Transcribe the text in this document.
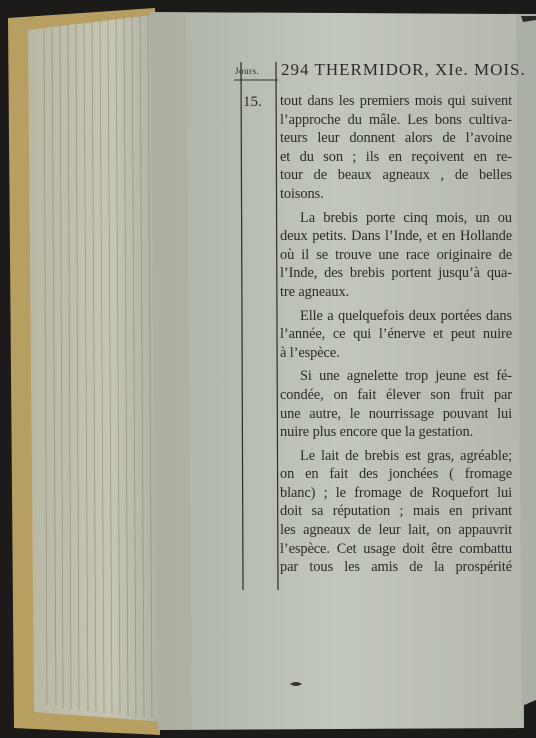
Jours. 294 THERMIDOR, XIe. MOIS.
15. tout dans les premiers mois qui suivent
l’approche du mâle. Les bons cultiva-
teurs leur donnent alors de l’avoine
et du son ; ils en reçoivent en re-
tour de beaux agneaux , de belles
toisons.
La brebis porte cinq mois, un ou
deux petits. Dans l’Inde, et en Hollande
où il se trouve une race originaire de
l’Inde, des brebis portent jusqu’à qua-
tre agneaux.
Elle a quelquefois deux portées dans
l’année, ce qui l’énerve et peut nuire
à l’espèce.
Si une agnelette trop jeune est fé-
condée, on fait élever son fruit par
une autre, le nourrissage pouvant lui
nuire plus encore que la gestation.
Le lait de brebis est gras, agréable;
on en fait des jonchées ( fromage
blanc) ; le fromage de Roquefort lui
doit sa réputation ; mais en privant
les agneaux de leur lait, on appauvrit
l’espèce. Cet usage doit être combattu
par tous les amis de la prospérité
